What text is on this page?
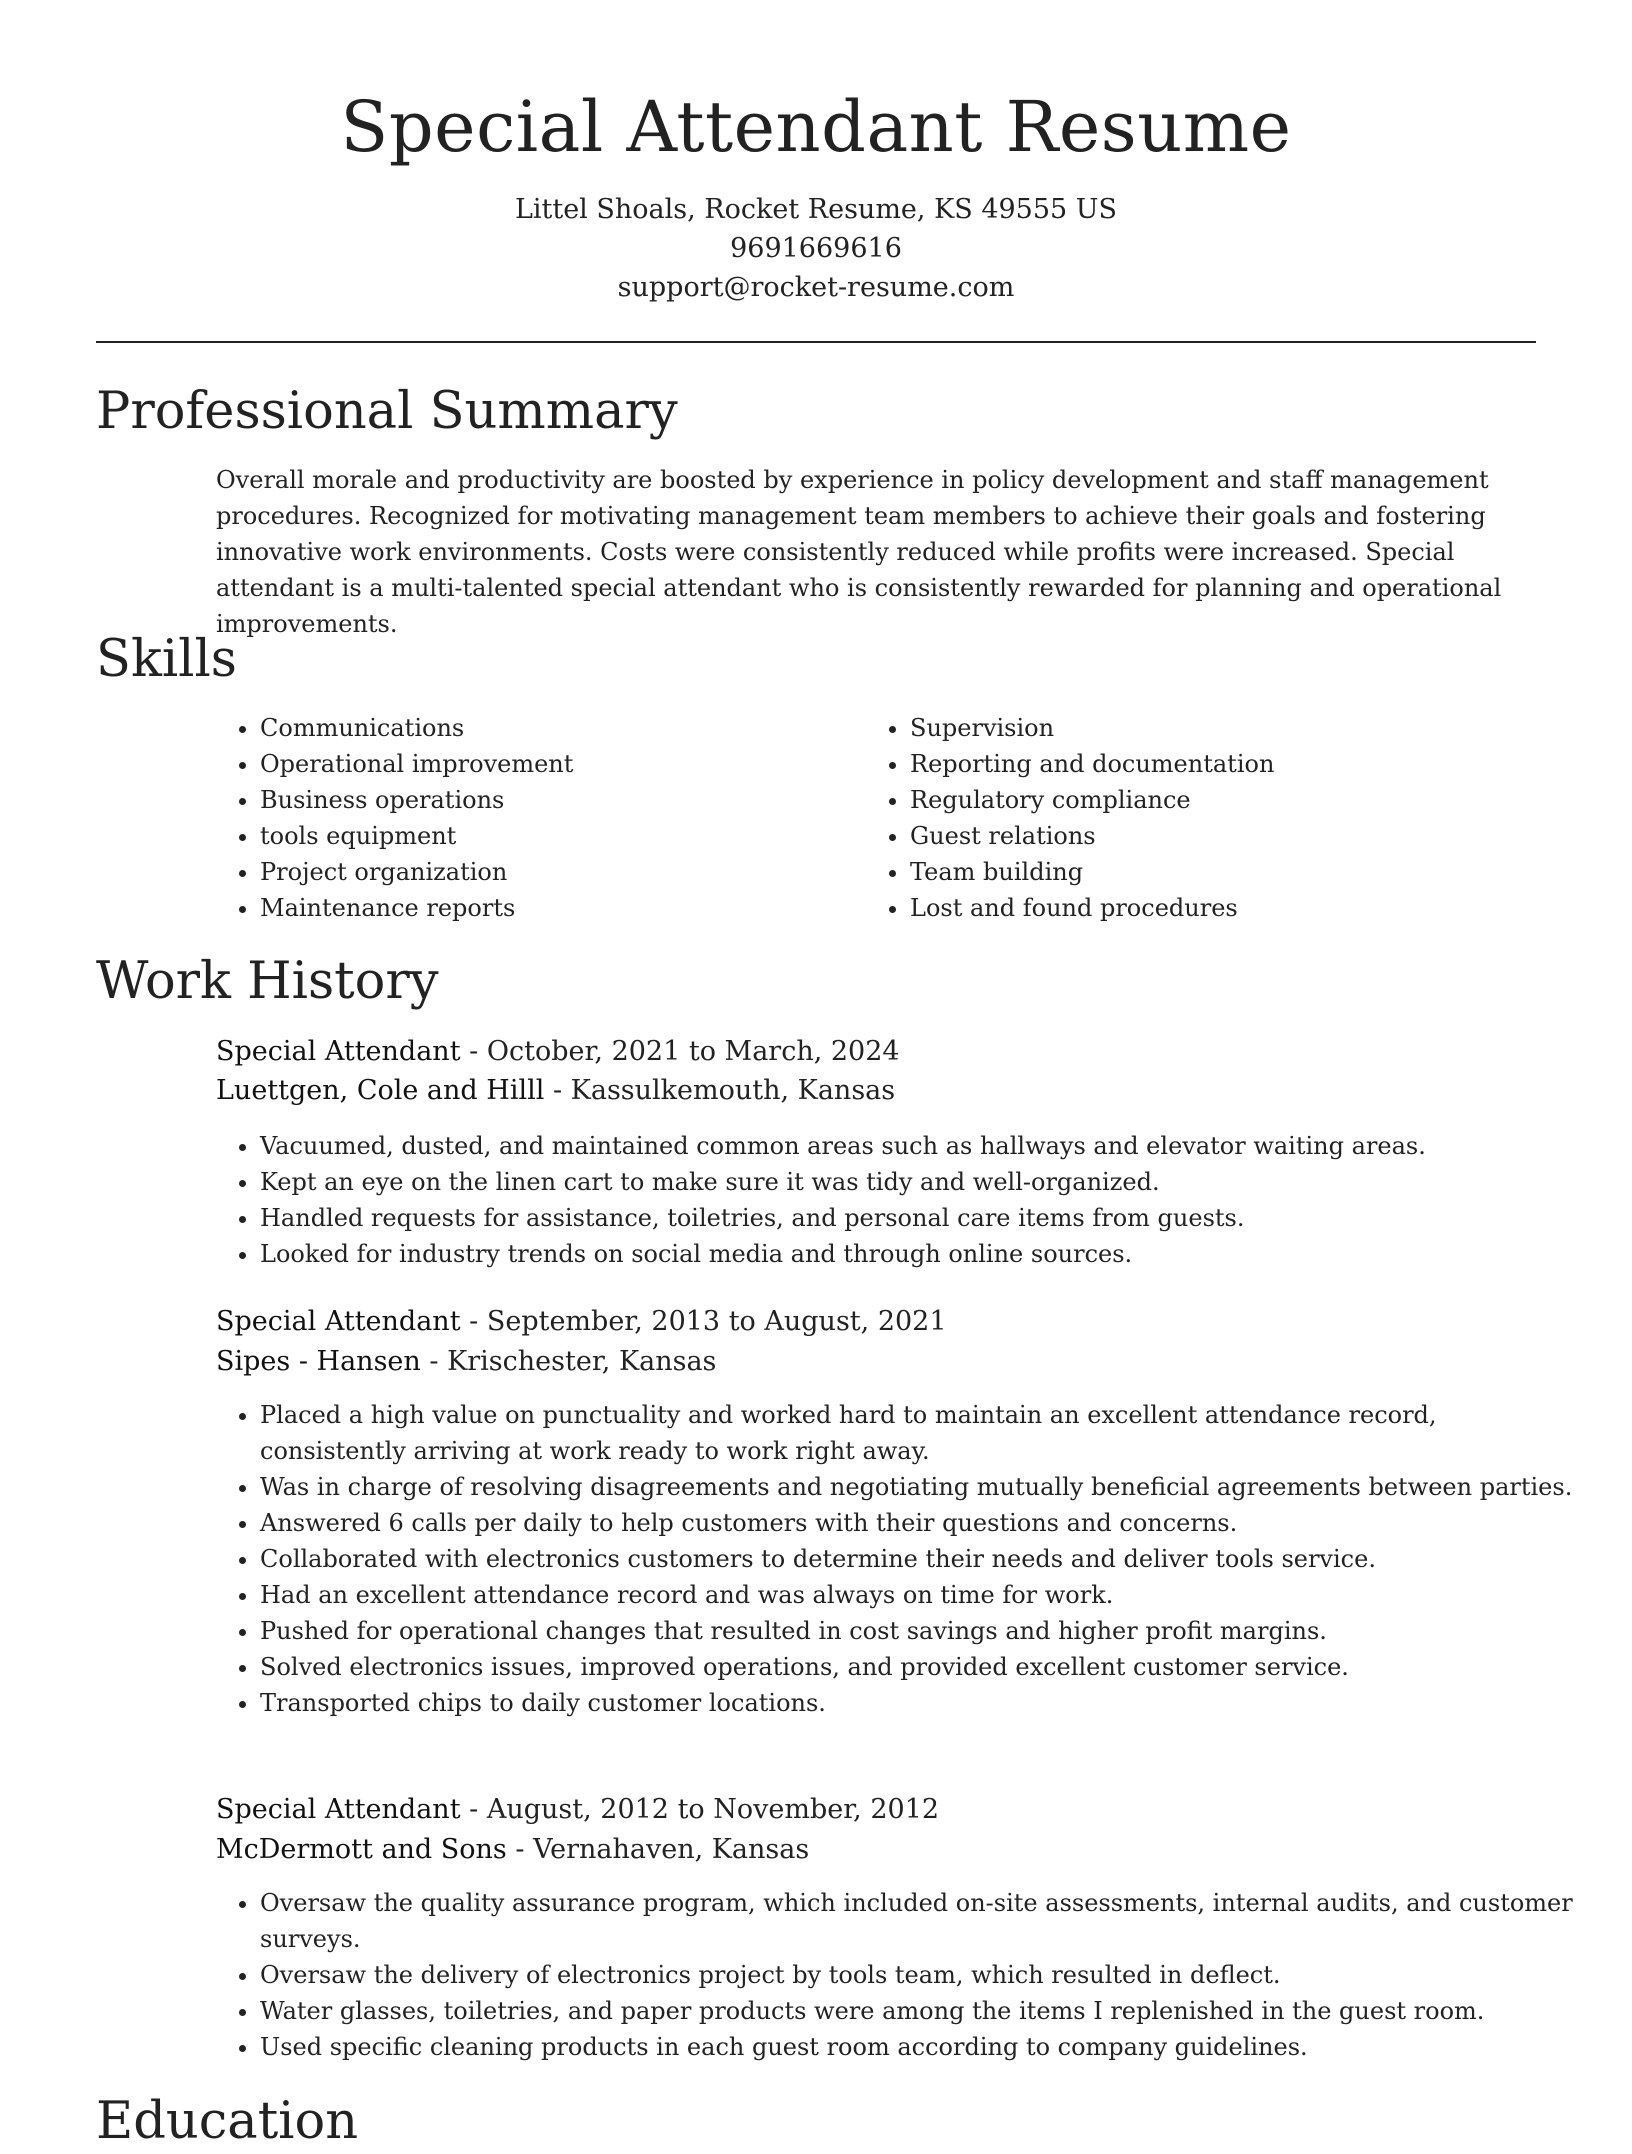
Special Attendant Resume
Littel Shoals, Rocket Resume, KS 49555 US
9691669616
support@rocket-resume.com
Professional Summary

Overall morale and productivity are boosted by experience in policy development and staff management procedures. Recognized for motivating management team members to achieve their goals and fostering innovative work environments. Costs were consistently reduced while profits were increased. Special attendant is a multi-talented special attendant who is consistently rewarded for planning and operational improvements.

Skills
• Communications
• Operational improvement
• Business operations
• tools equipment
• Project organization
• Maintenance reports
• Supervision
• Reporting and documentation
• Regulatory compliance
• Guest relations
• Team building
• Lost and found procedures
Work History
Special Attendant - October, 2021 to March, 2024
Luettgen, Cole and Hilll - Kassulkemouth, Kansas
• Vacuumed, dusted, and maintained common areas such as hallways and elevator waiting areas.
• Kept an eye on the linen cart to make sure it was tidy and well-organized.
• Handled requests for assistance, toiletries, and personal care items from guests.
• Looked for industry trends on social media and through online sources.
Special Attendant - September, 2013 to August, 2021
Sipes - Hansen - Krischester, Kansas
• Placed a high value on punctuality and worked hard to maintain an excellent attendance record, consistently arriving at work ready to work right away.
• Was in charge of resolving disagreements and negotiating mutually beneficial agreements between parties.
• Answered 6 calls per daily to help customers with their questions and concerns.
• Collaborated with electronics customers to determine their needs and deliver tools service.
• Had an excellent attendance record and was always on time for work.
• Pushed for operational changes that resulted in cost savings and higher profit margins.
• Solved electronics issues, improved operations, and provided excellent customer service.
• Transported chips to daily customer locations.
Special Attendant - August, 2012 to November, 2012
McDermott and Sons - Vernahaven, Kansas
• Oversaw the quality assurance program, which included on-site assessments, internal audits, and customer surveys.
• Oversaw the delivery of electronics project by tools team, which resulted in deflect.
• Water glasses, toiletries, and paper products were among the items I replenished in the guest room.
• Used specific cleaning products in each guest room according to company guidelines.
Education
